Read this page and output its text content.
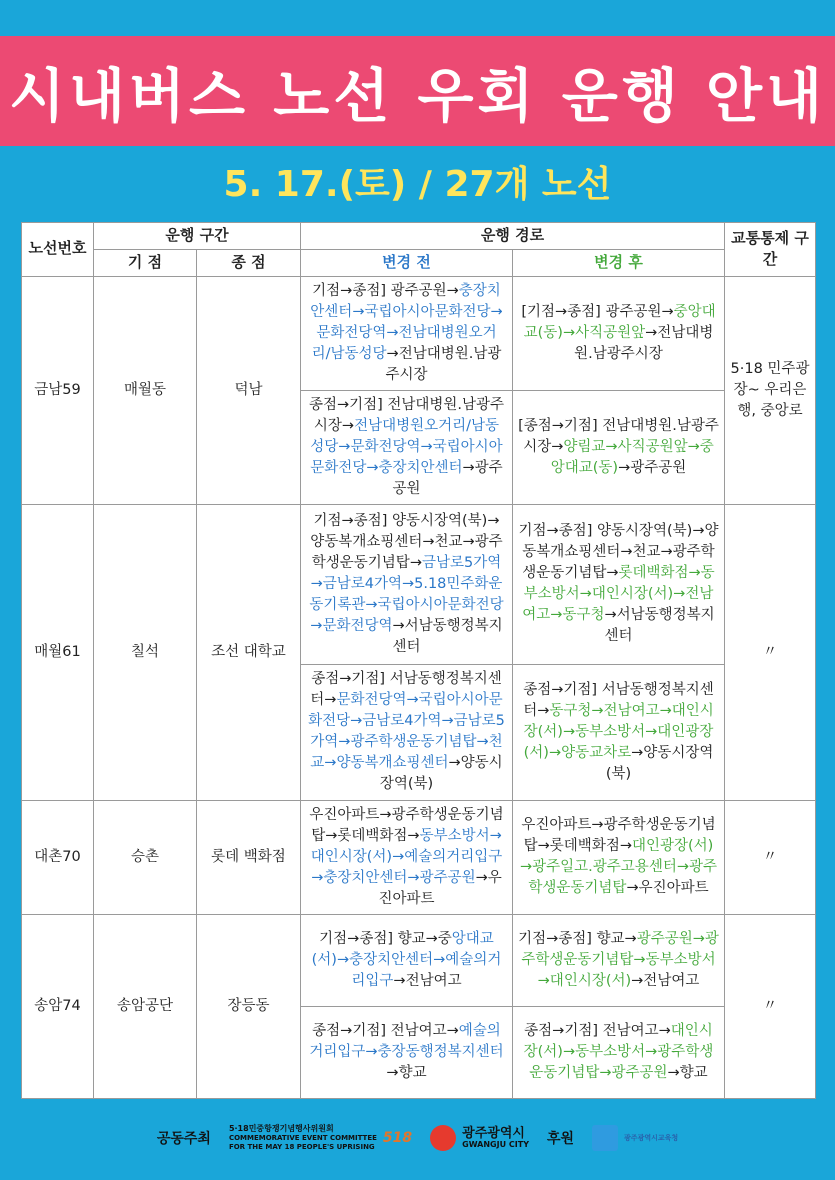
시내버스 노선 우회 운행 안내
5. 17.(토) / 27개 노선
노선번호	운행 구간		운행 경로		교통통제 구간
	기 점	종 점	변경 전	변경 후	
금남59	매월동	덕남	기점→종점] 광주공원→충장치안센터→국립아시아문화전당→문화전당역→전남대병원오거리/남동성당→전남대병원.남광주시장	[기점→종점] 광주공원→중앙대교(동)→사직공원앞→전남대병원.남광주시장	5·18 민주광장~ 우리은행, 중앙로
			종점→기점] 전남대병원.남광주시장→전남대병원오거리/남동성당→문화전당역→국립아시아문화전당→충장치안센터→광주공원	[종점→기점] 전남대병원.남광주시장→양림교→사직공원앞→중앙대교(동)→광주공원	
매월61	칠석	조선 대학교	기점→종점] 양동시장역(북)→양동복개쇼핑센터→천교→광주학생운동기념탑→금남로5가역→금남로4가역→5.18민주화운동기록관→국립아시아문화전당→문화전당역→서남동행정복지센터	기점→종점] 양동시장역(북)→양동복개쇼핑센터→천교→광주학생운동기념탑→롯데백화점→동부소방서→대인시장(서)→전남여고→동구청→서남동행정복지센터	〃
			종점→기점] 서남동행정복지센터→문화전당역→국립아시아문화전당→금남로4가역→금남로5가역→광주학생운동기념탑→천교→양동복개쇼핑센터→양동시장역(북)	종점→기점] 서남동행정복지센터→동구청→전남여고→대인시장(서)→동부소방서→대인광장(서)→양동교차로→양동시장역(북)	
대촌70	승촌	롯데 백화점	우진아파트→광주학생운동기념탑→롯데백화점→동부소방서→대인시장(서)→예술의거리입구→충장치안센터→광주공원→우진아파트	우진아파트→광주학생운동기념탑→롯데백화점→대인광장(서)→광주일고.광주고용센터→광주학생운동기념탑→우진아파트	〃
송암74	송암공단	장등동	기점→종점] 향교→중앙대교(서)→충장치안센터→예술의거리입구→전남여고	기점→종점] 향교→광주공원→광주학생운동기념탑→동부소방서→대인시장(서)→전남여고	〃
			종점→기점] 전남여고→예술의거리입구→충장동행정복지센터→향교	종점→기점] 전남여고→대인시장(서)→동부소방서→광주학생운동기념탑→광주공원→향교	
공동주최
5·18민중항쟁기념행사위원회
COMMEMORATIVE EVENT COMMITTEE
FOR THE MAY 18 PEOPLE'S UPRISING
518	광주광역시
GWANGJU CITY 후원	광주광역시교육청
